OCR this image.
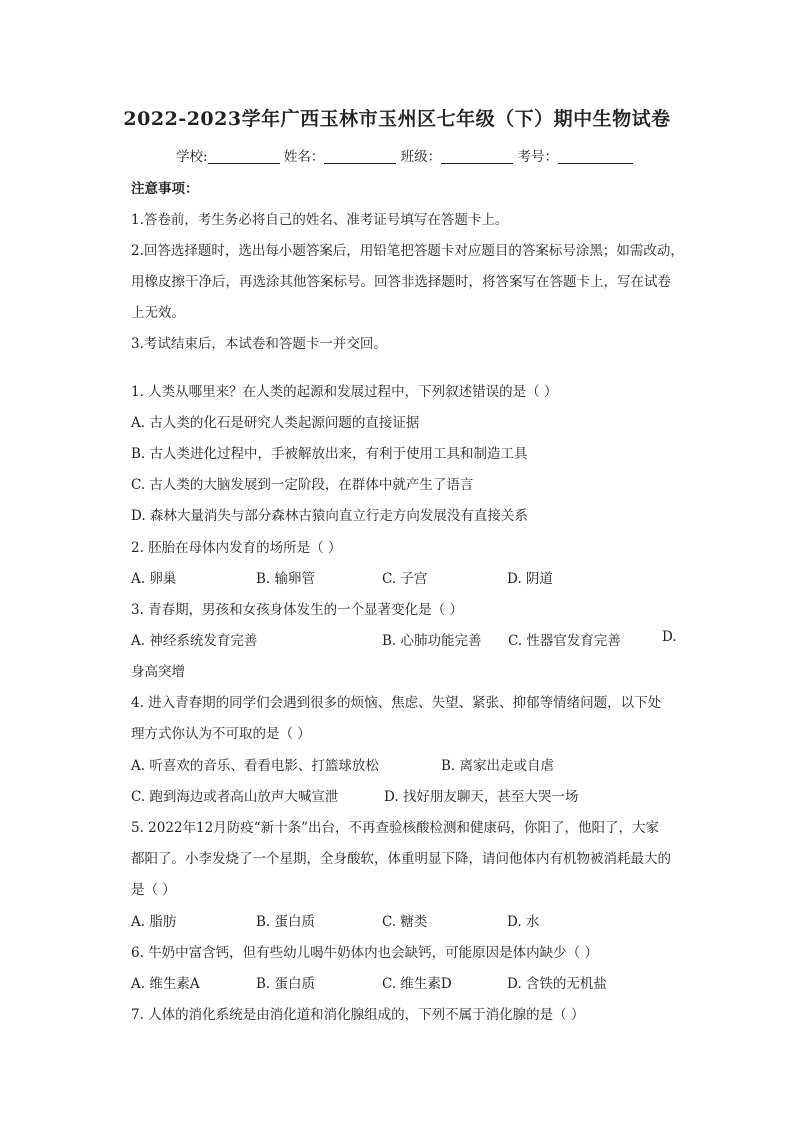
2022-2023学年广西玉林市玉州区七年级（下）期中生物试卷
学校:	姓名：	班级：	考号：
注意事项：
1.答卷前，考生务必将自己的姓名、准考证号填写在答题卡上。
2.回答选择题时，选出每小题答案后，用铅笔把答题卡对应题目的答案标号涂黑；如需改动，
用橡皮擦干净后，再选涂其他答案标号。回答非选择题时，将答案写在答题卡上，写在试卷
上无效。
3.考试结束后，本试卷和答题卡一并交回。
1. 人类从哪里来？在人类的起源和发展过程中，下列叙述错误的是（ ）
A. 古人类的化石是研究人类起源问题的直接证据
B. 古人类进化过程中，手被解放出来，有利于使用工具和制造工具
C. 古人类的大脑发展到一定阶段，在群体中就产生了语言
D. 森林大量消失与部分森林古猿向直立行走方向发展没有直接关系
2. 胚胎在母体内发育的场所是（ ）
A. 卵巢	B. 输卵管	C. 子宫	D. 阴道
3. 青春期，男孩和女孩身体发生的一个显著变化是（ ）
A. 神经系统发育完善	B. 心肺功能完善 C. 性器官发育完善	D.
身高突增
4. 进入青春期的同学们会遇到很多的烦恼、焦虑、失望、紧张、抑郁等情绪问题，以下处
理方式你认为不可取的是（ ）
A. 听喜欢的音乐、看看电影、打篮球放松	B. 离家出走或自虐
C. 跑到海边或者高山放声大喊宣泄	D. 找好朋友聊天，甚至大哭一场
5. 2022年12月防疫“新十条”出台，不再查验核酸检测和健康码，你阳了，他阳了，大家
都阳了。小李发烧了一个星期，全身酸软，体重明显下降，请问他体内有机物被消耗最大的
是（ ）
A. 脂肪	B. 蛋白质	C. 糖类	D. 水
6. 牛奶中富含钙，但有些幼儿喝牛奶体内也会缺钙，可能原因是体内缺少（ ）
A. 维生素A	B. 蛋白质	C. 维生素D	D. 含铁的无机盐
7. 人体的消化系统是由消化道和消化腺组成的，下列不属于消化腺的是（ ）
